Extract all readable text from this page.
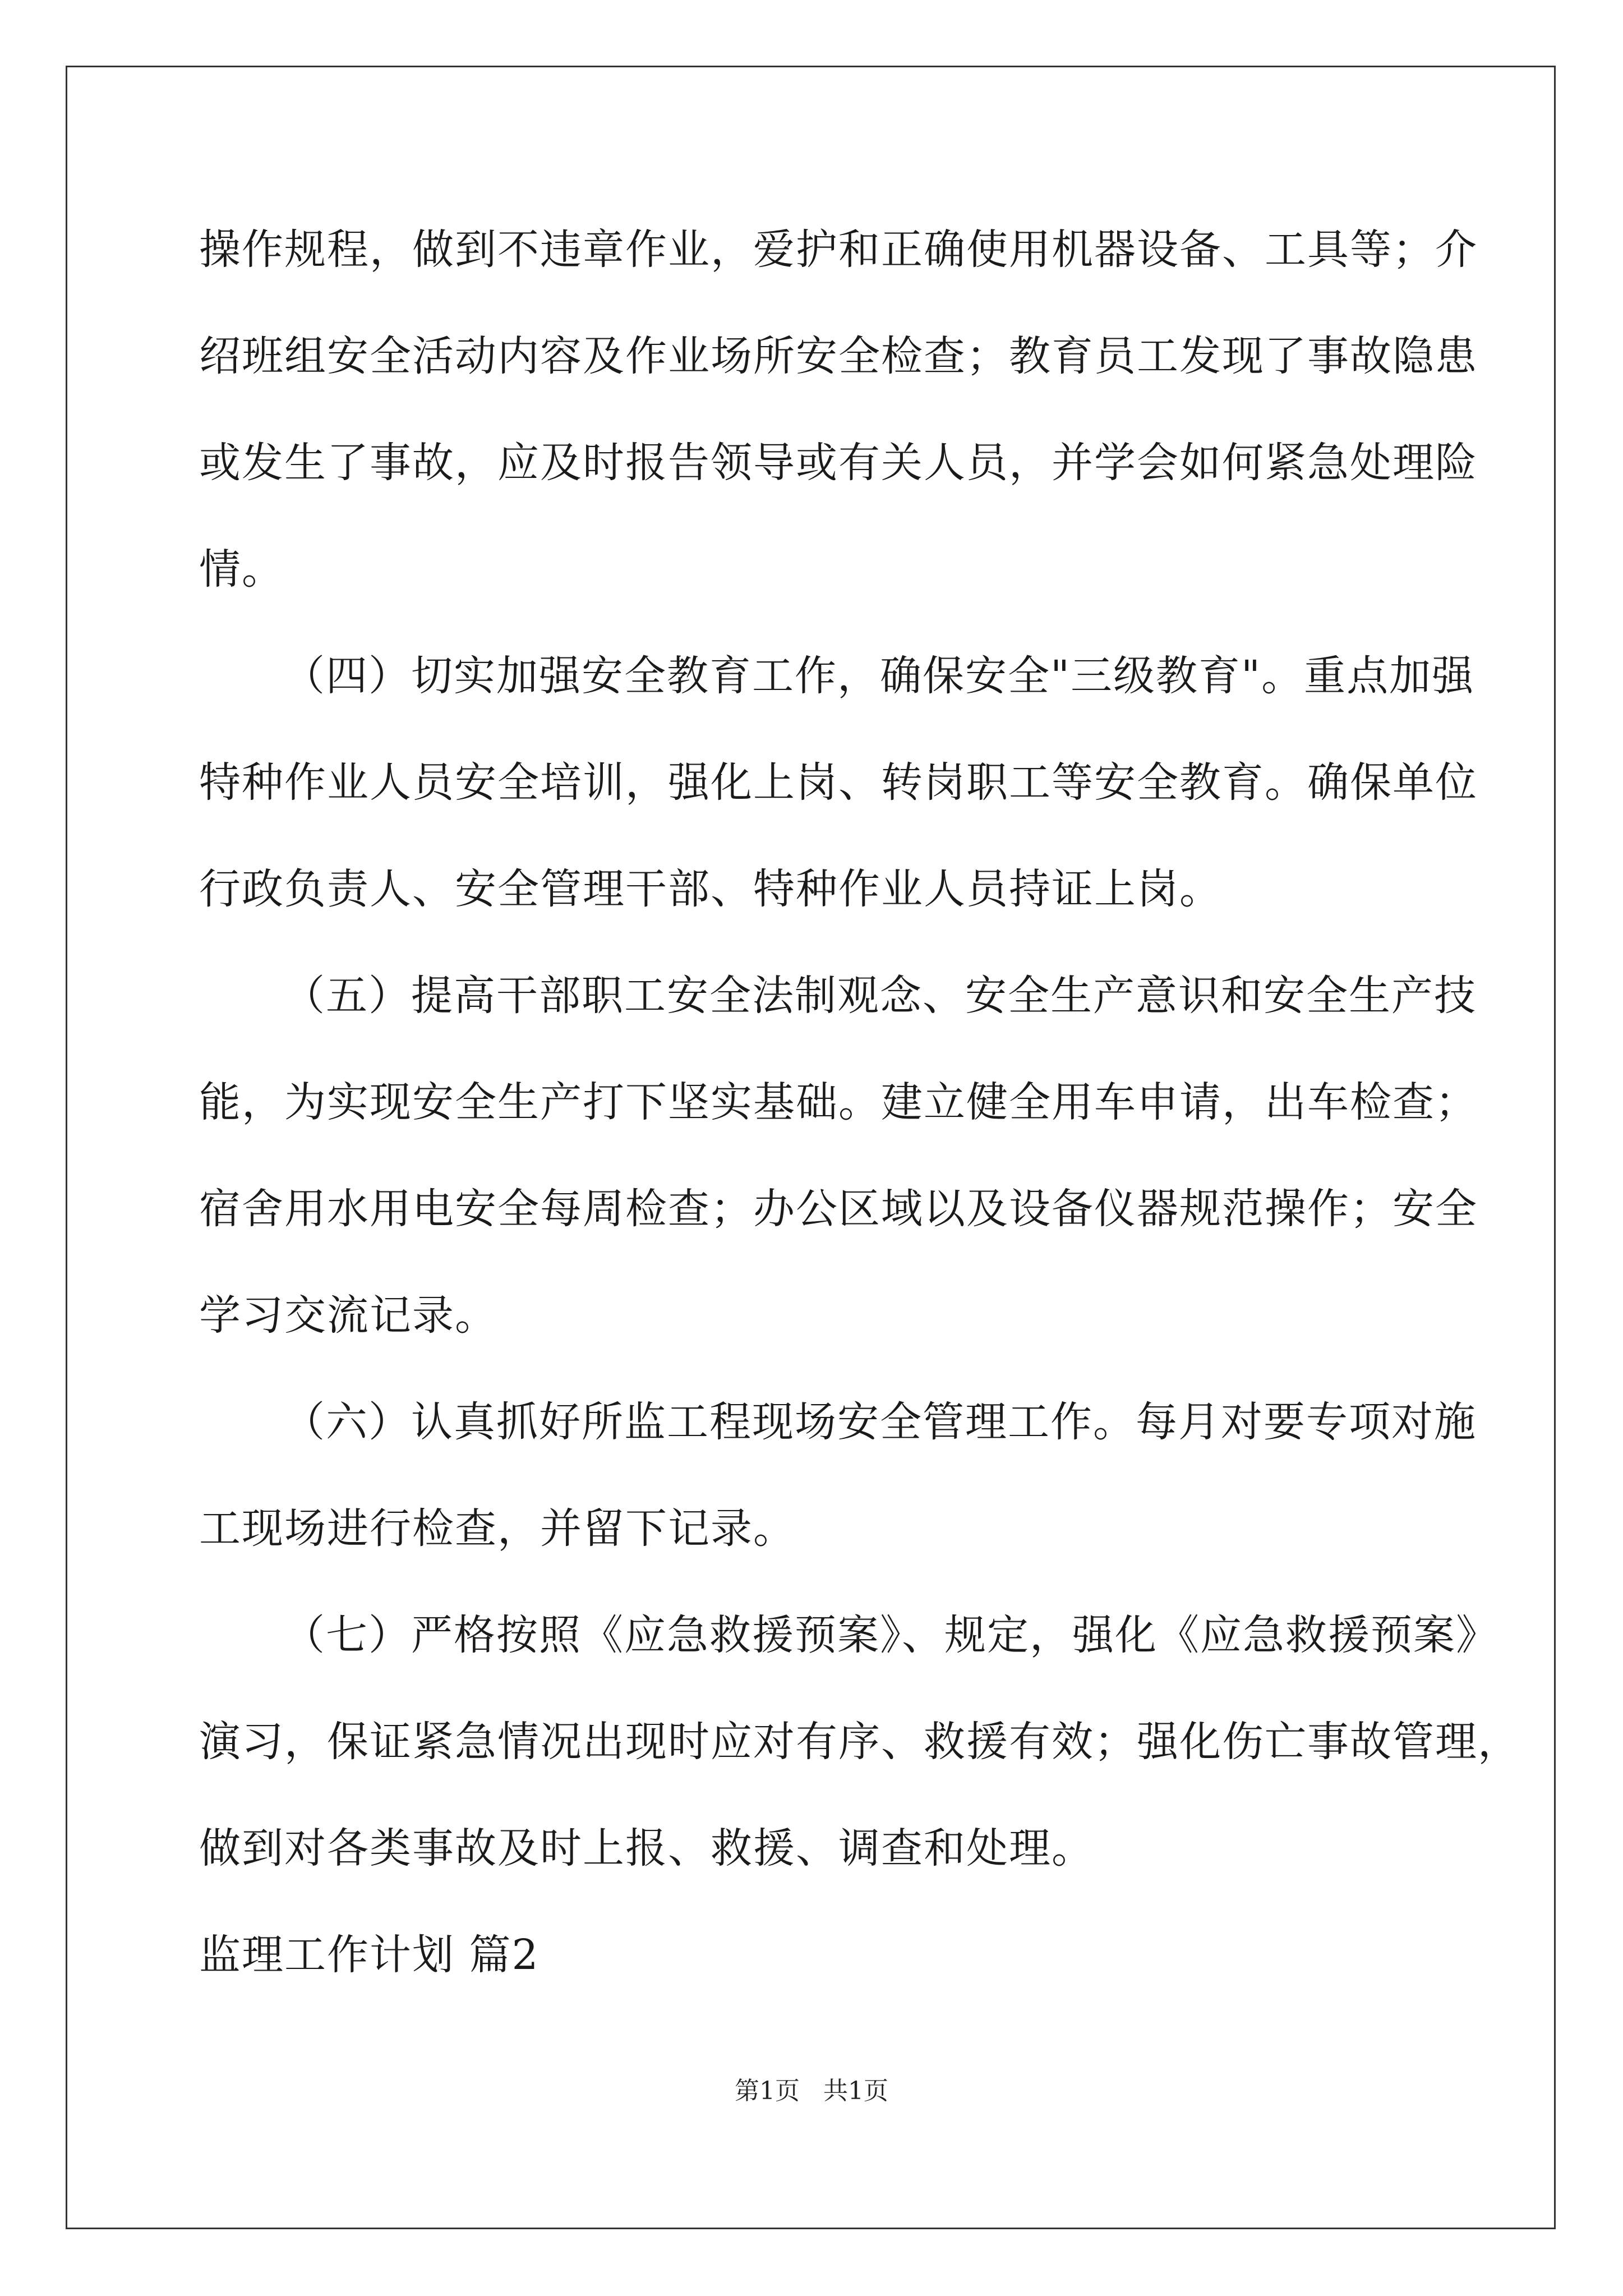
操作规程，做到不违章作业，爱护和正确使用机器设备、工具等；介
绍班组安全活动内容及作业场所安全检查；教育员工发现了事故隐患
或发生了事故，应及时报告领导或有关人员，并学会如何紧急处理险
情。
（四）切实加强安全教育工作，确保安全"三级教育"。重点加强
特种作业人员安全培训，强化上岗、转岗职工等安全教育。确保单位
行政负责人、安全管理干部、特种作业人员持证上岗。
（五）提高干部职工安全法制观念、安全生产意识和安全生产技
能，为实现安全生产打下坚实基础。建立健全用车申请，出车检查；
宿舍用水用电安全每周检查；办公区域以及设备仪器规范操作；安全
学习交流记录。
（六）认真抓好所监工程现场安全管理工作。每月对要专项对施
工现场进行检查，并留下记录。
（七）严格按照《应急救援预案》、规定，强化《应急救援预案》
演习，保证紧急情况出现时应对有序、救援有效；强化伤亡事故管理，
做到对各类事故及时上报、救援、调查和处理。
监理工作计划 篇2
第1页 共1页
